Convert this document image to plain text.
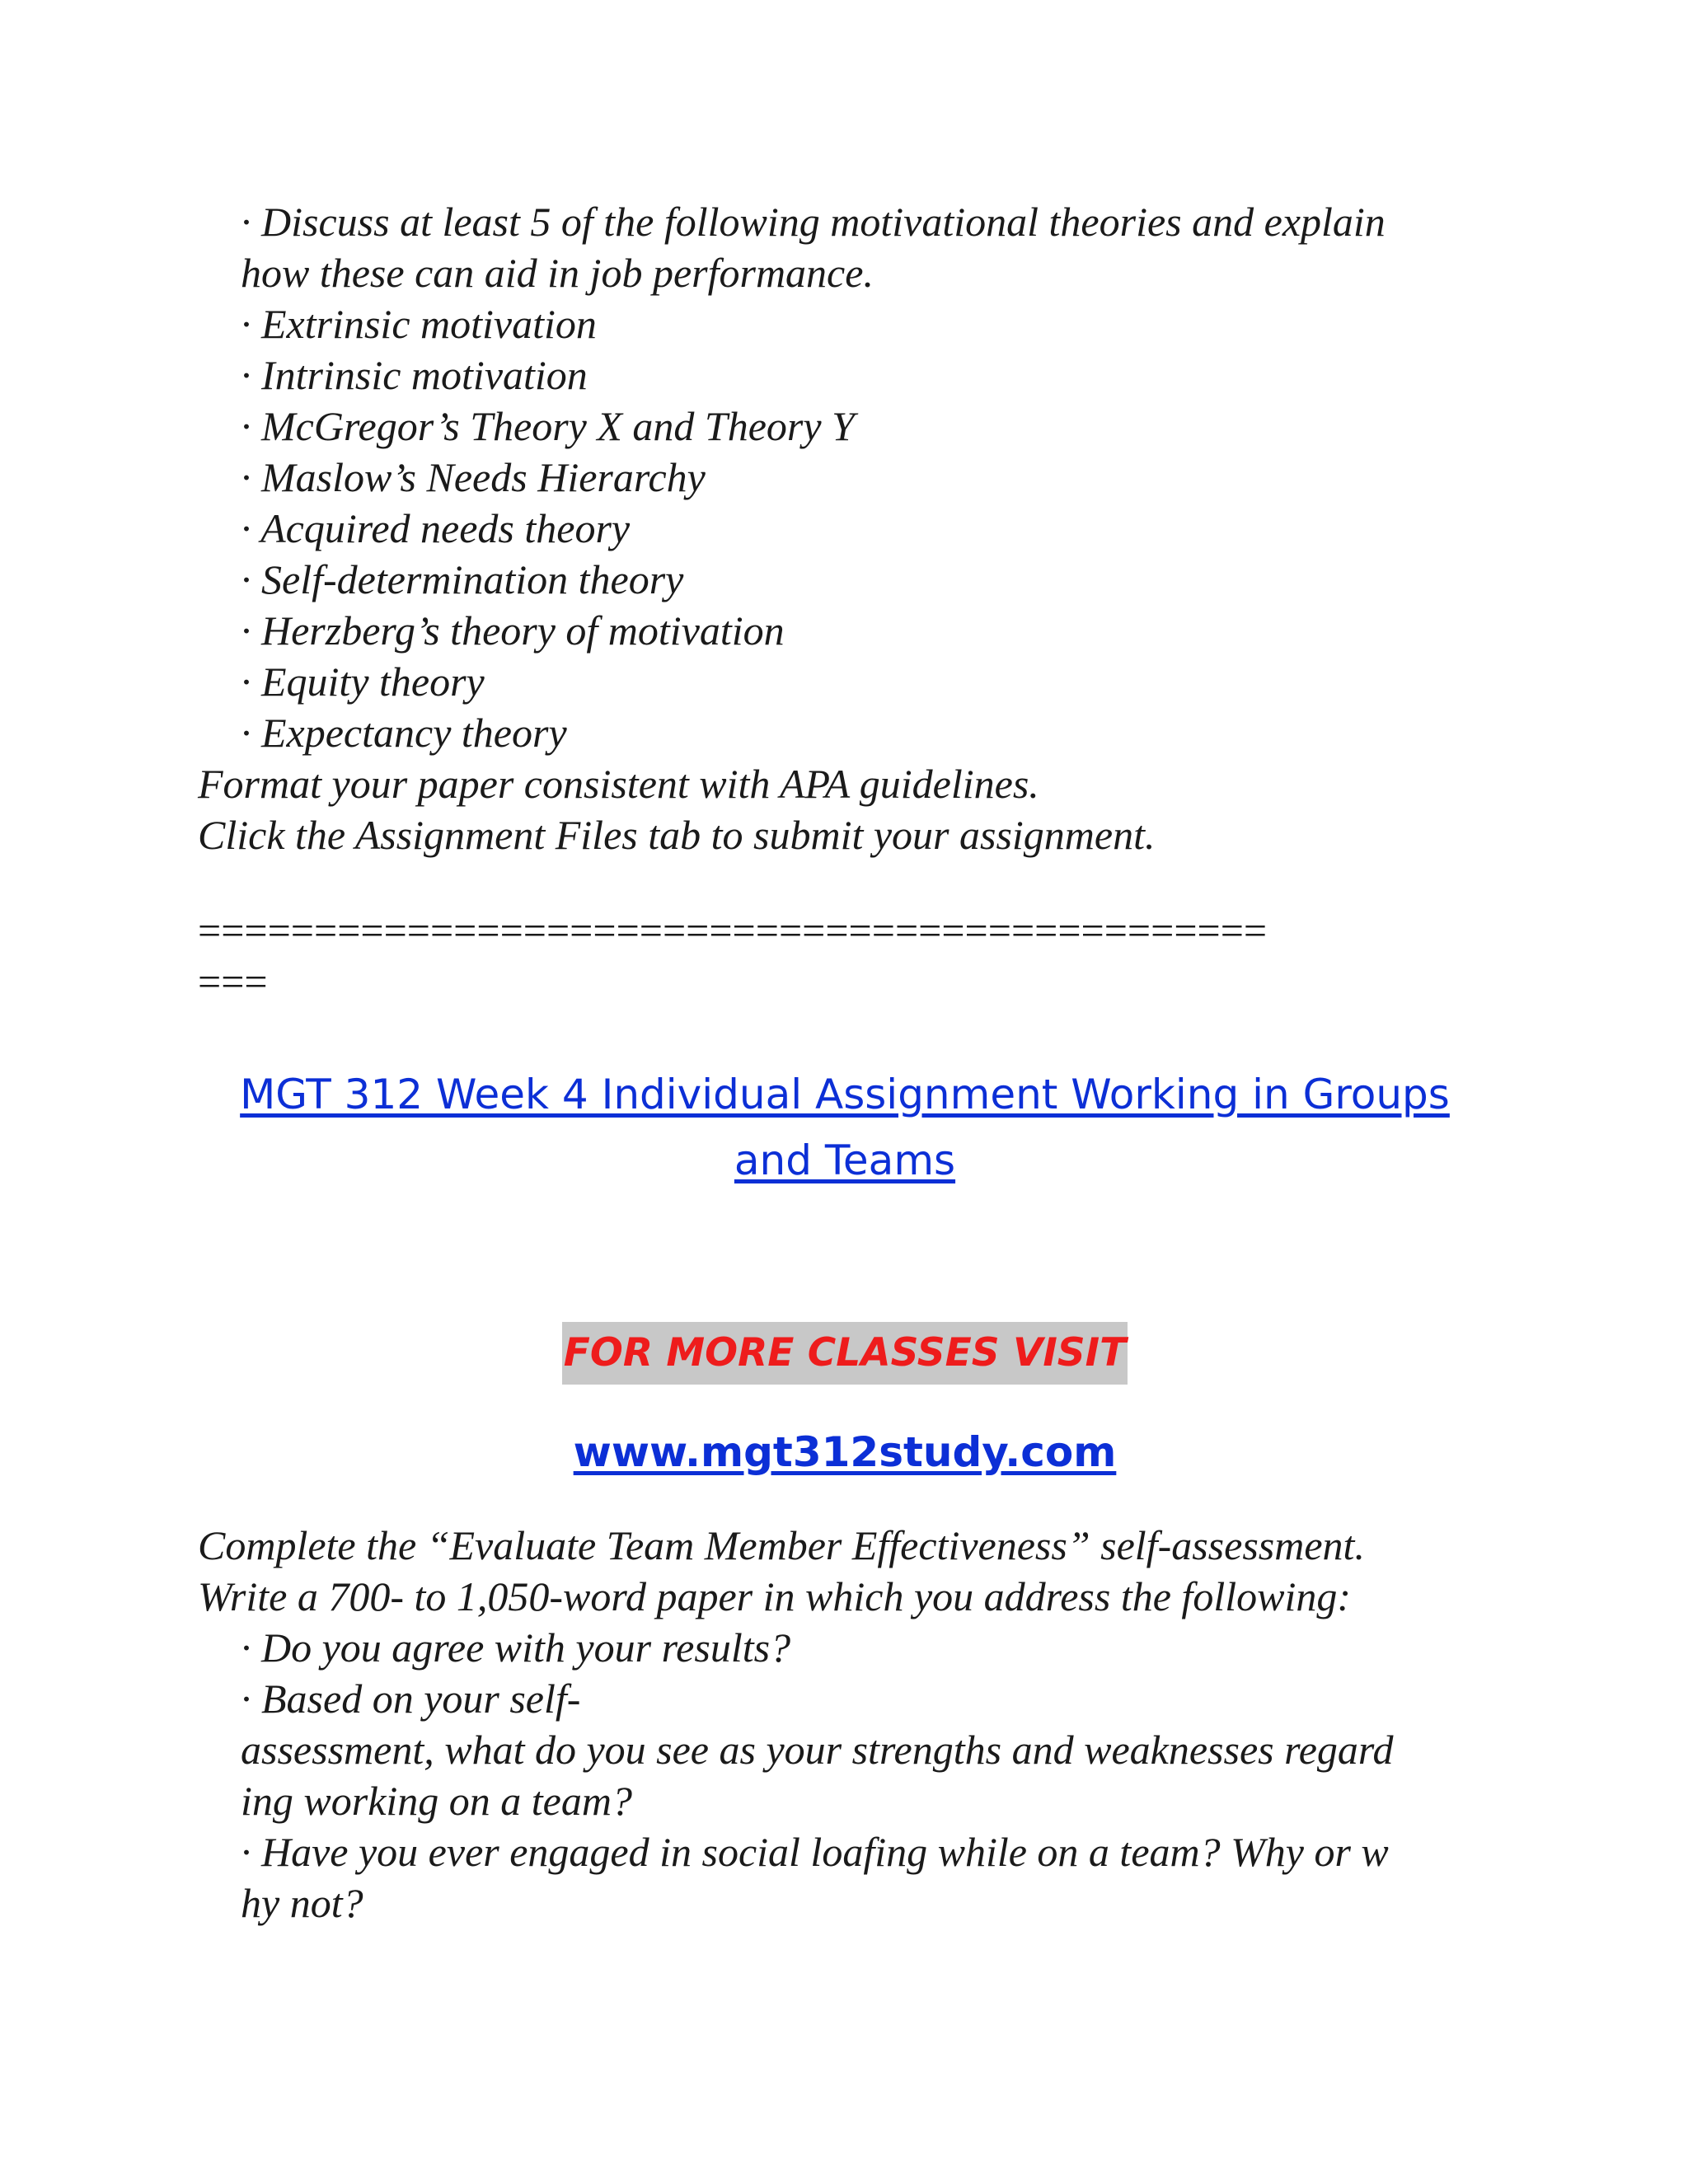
· Discuss at least 5 of the following motivational theories and explain

how these can aid in job performance.

· Extrinsic motivation

· Intrinsic motivation

· McGregor’s Theory X and Theory Y

· Maslow’s Needs Hierarchy

· Acquired needs theory

· Self-determination theory

· Herzberg’s theory of motivation

· Equity theory

· Expectancy theory

Format your paper consistent with APA guidelines.

Click the Assignment Files tab to submit your assignment.

==============================================
===
MGT 312 Week 4 Individual Assignment Working in Groups
and Teams
FOR MORE CLASSES VISIT
www.mgt312study.com

Complete the “Evaluate Team Member Effectiveness” self-assessment.

Write a 700- to 1,050-word paper in which you address the following:

· Do you agree with your results?

· Based on your self-

assessment, what do you see as your strengths and weaknesses regard

ing working on a team?

· Have you ever engaged in social loafing while on a team? Why or w

hy not?
